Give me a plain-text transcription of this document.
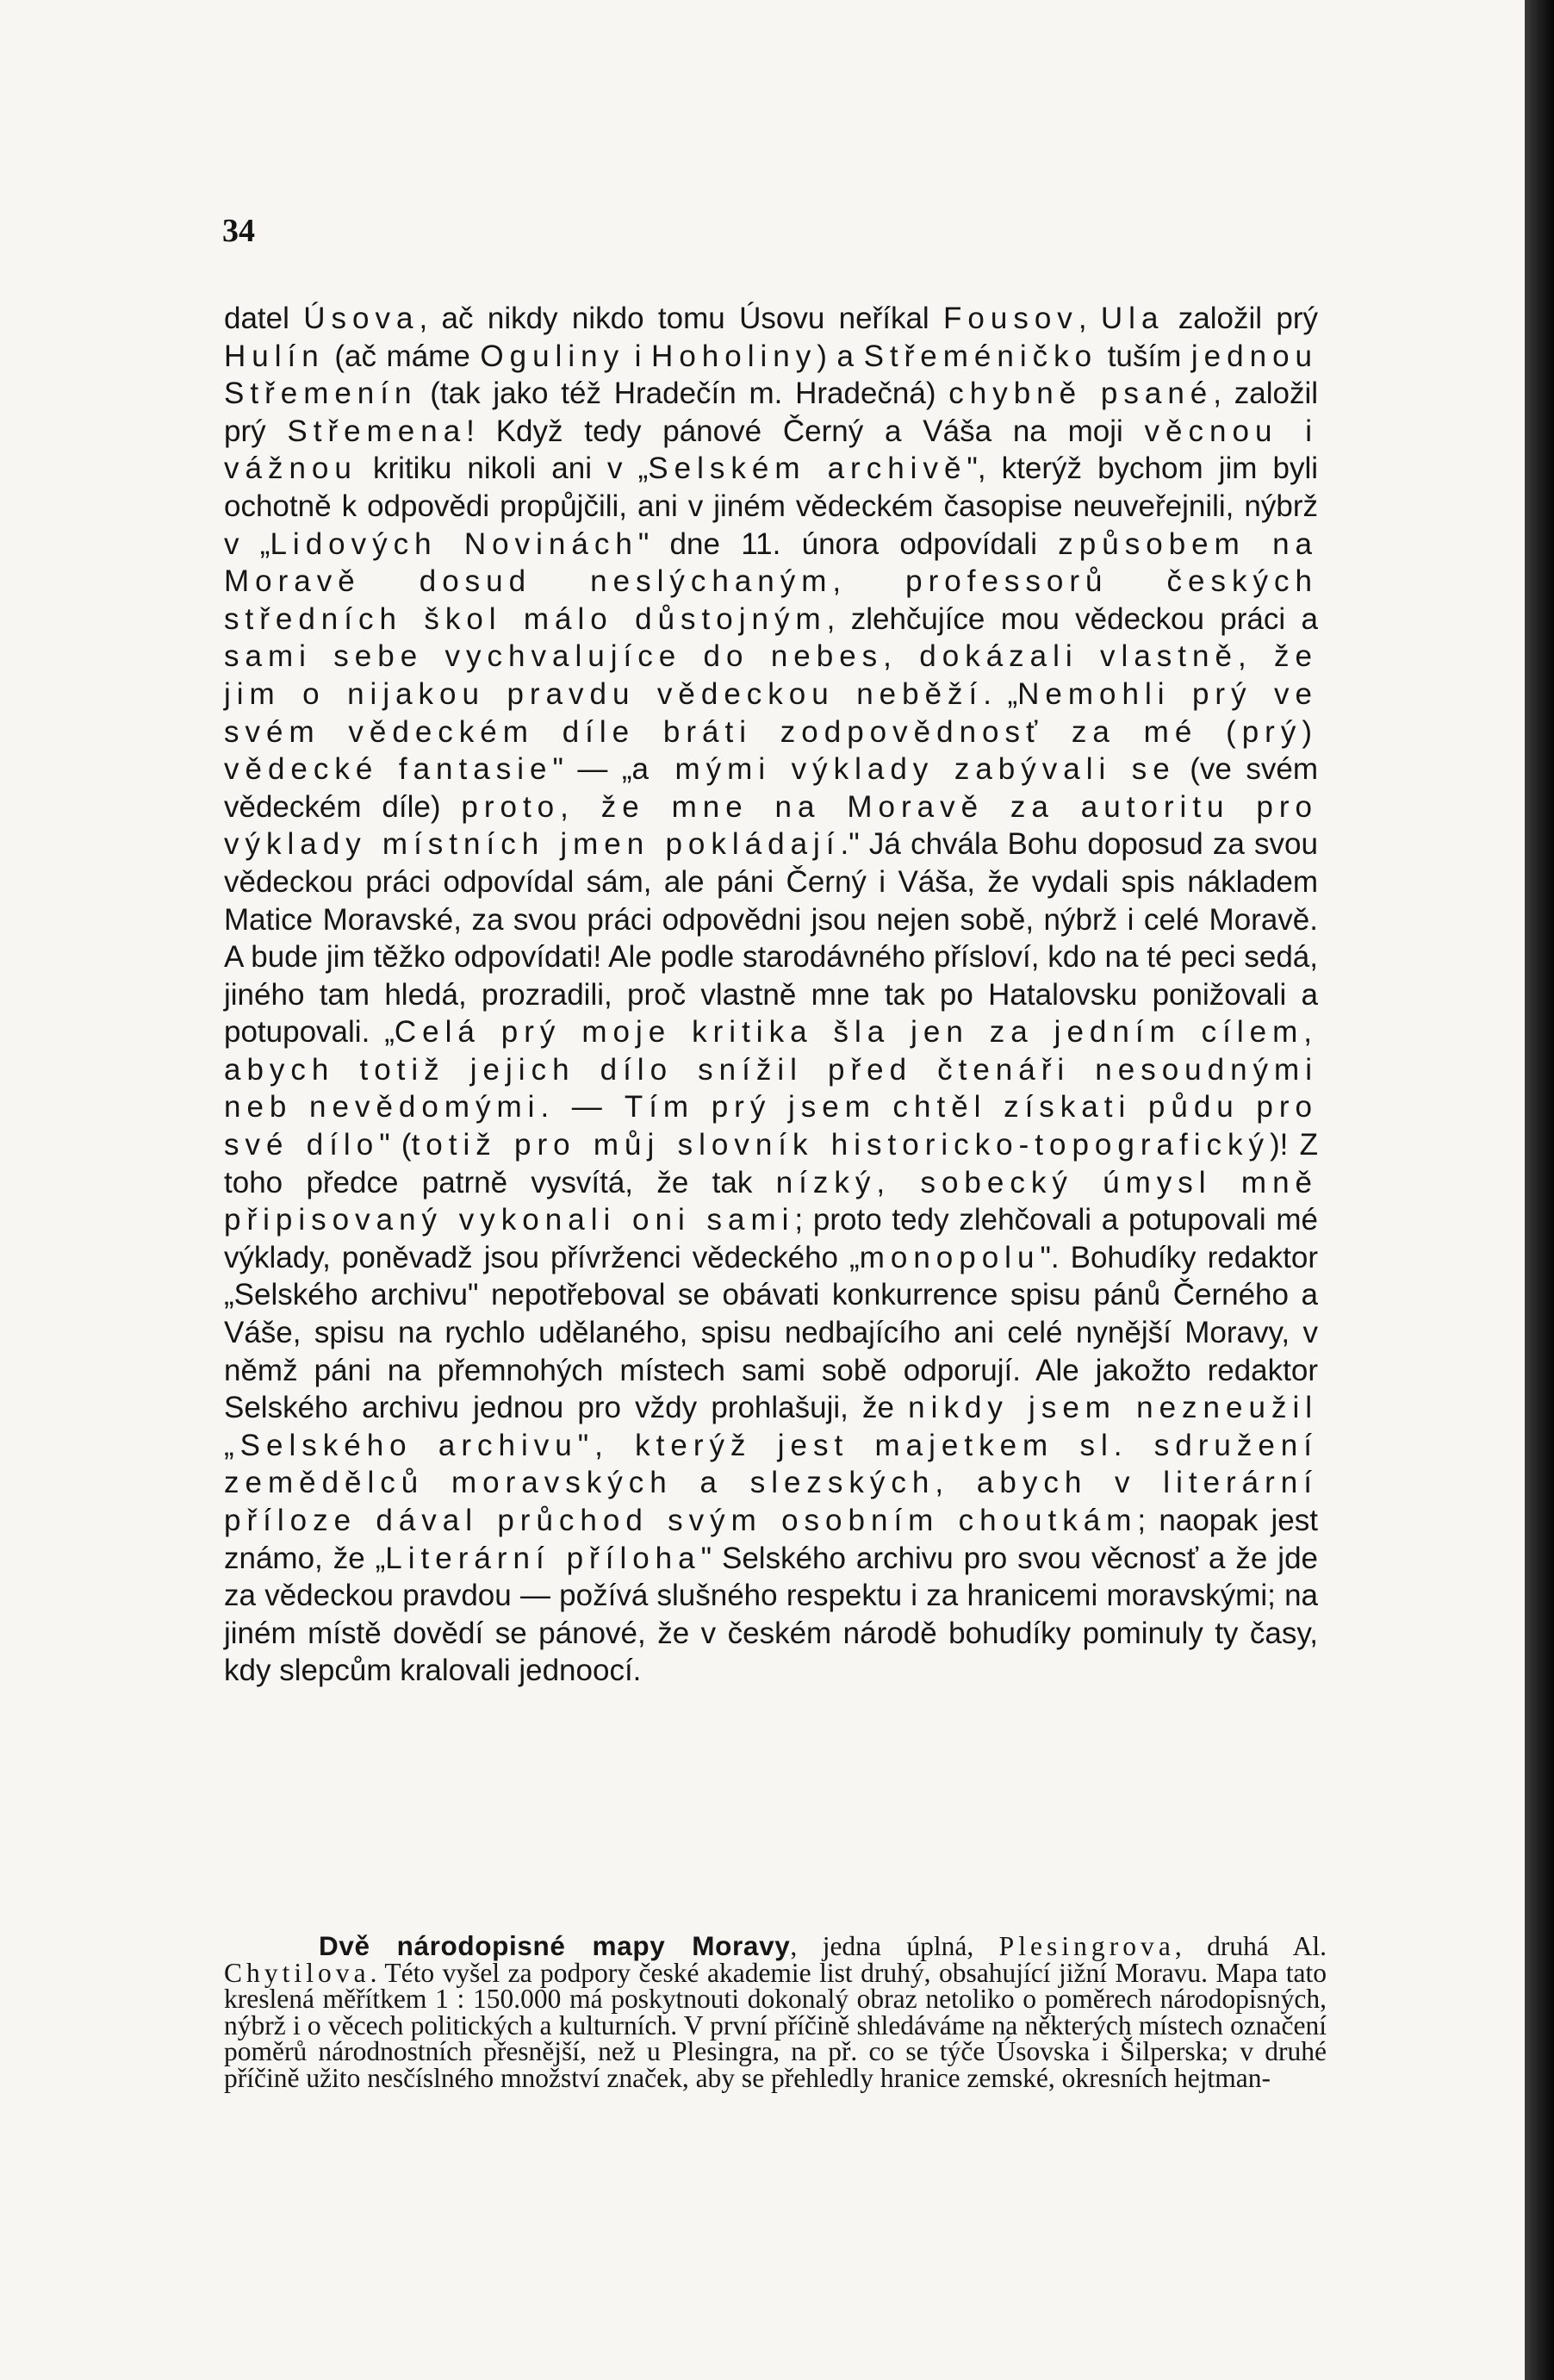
34

datel Úsova, ač nikdy nikdo tomu Úsovu neříkal Fousov, Ula založil prý Hulín (ač máme Oguliny i Hoholiny) a Střeméničko tuším jednou Střemenín (tak jako též Hradečín m. Hradečná) chybně psané, založil prý Střemena! Když tedy pánové Černý a Váša na moji věcnou i vážnou kritiku nikoli ani v „Selském archivě", kterýž bychom jim byli ochotně k odpovědi propůjčili, ani v jiném vědeckém časopise neuveřejnili, nýbrž v „Lidových Novinách" dne 11. února odpovídali způsobem na Moravě dosud neslýchaným, professorů českých středních škol málo důstojným, zlehčujíce mou vědeckou práci a sami sebe vychvalujíce do nebes, dokázali vlastně, že jim o nijakou pravdu vědeckou neběží. „Nemohli prý ve svém vědeckém díle bráti zodpovědnosť za mé (prý) vědecké fantasie" — „a mými výklady zabývali se (ve svém vědeckém díle) proto, že mne na Moravě za autoritu pro výklady místních jmen pokládají." Já chvála Bohu doposud za svou vědeckou práci odpovídal sám, ale páni Černý i Váša, že vydali spis nákladem Matice Moravské, za svou práci odpovědni jsou nejen sobě, nýbrž i celé Moravě. A bude jim těžko odpovídati! Ale podle starodávného přísloví, kdo na té peci sedá, jiného tam hledá, prozradili, proč vlastně mne tak po Hatalovsku ponižovali a potupovali. „Celá prý moje kritika šla jen za jedním cílem, abych totiž jejich dílo snížil před čtenáři nesoudnými neb nevědomými. — Tím prý jsem chtěl získati půdu pro své dílo" (totiž pro můj slovník historicko-topografický)! Z toho předce patrně vysvítá, že tak nízký, sobecký úmysl mně připisovaný vykonali oni sami; proto tedy zlehčovali a potupovali mé výklady, poněvadž jsou přívrženci vědeckého „monopolu". Bohudíky redaktor „Selského archivu" nepotřeboval se obávati konkurrence spisu pánů Černého a Váše, spisu na rychlo udělaného, spisu nedbajícího ani celé nynější Moravy, v němž páni na přemnohých místech sami sobě odporují. Ale jakožto redaktor Selského archivu jednou pro vždy prohlašuji, že nikdy jsem nezneužil „Selského archivu", kterýž jest majetkem sl. sdružení zemědělců moravských a slezských, abych v literární příloze dával průchod svým osobním choutkám; naopak jest známo, že „Literární příloha" Selského archivu pro svou věcnosť a že jde za vědeckou pravdou — požívá slušného respektu i za hranicemi moravskými; na jiném místě dovědí se pánové, že v českém národě bohudíky pominuly ty časy, kdy slepcům kralovali jednoocí.

Dvě národopisné mapy Moravy, jedna úplná, Plesingrova, druhá Al. Chytilova. Této vyšel za podpory české akademie list druhý, obsahující jižní Moravu. Mapa tato kreslená měřítkem 1 : 150.000 má poskytnouti dokonalý obraz netoliko o poměrech národopisných, nýbrž i o věcech politických a kulturních. V první příčině shledáváme na některých místech označení poměrů národnostních přesnější, než u Plesingra, na př. co se týče Úsovska i Šilperska; v druhé příčině užito nesčíslného množství značek, aby se přehledly hranice zemské, okresních hejtman-
